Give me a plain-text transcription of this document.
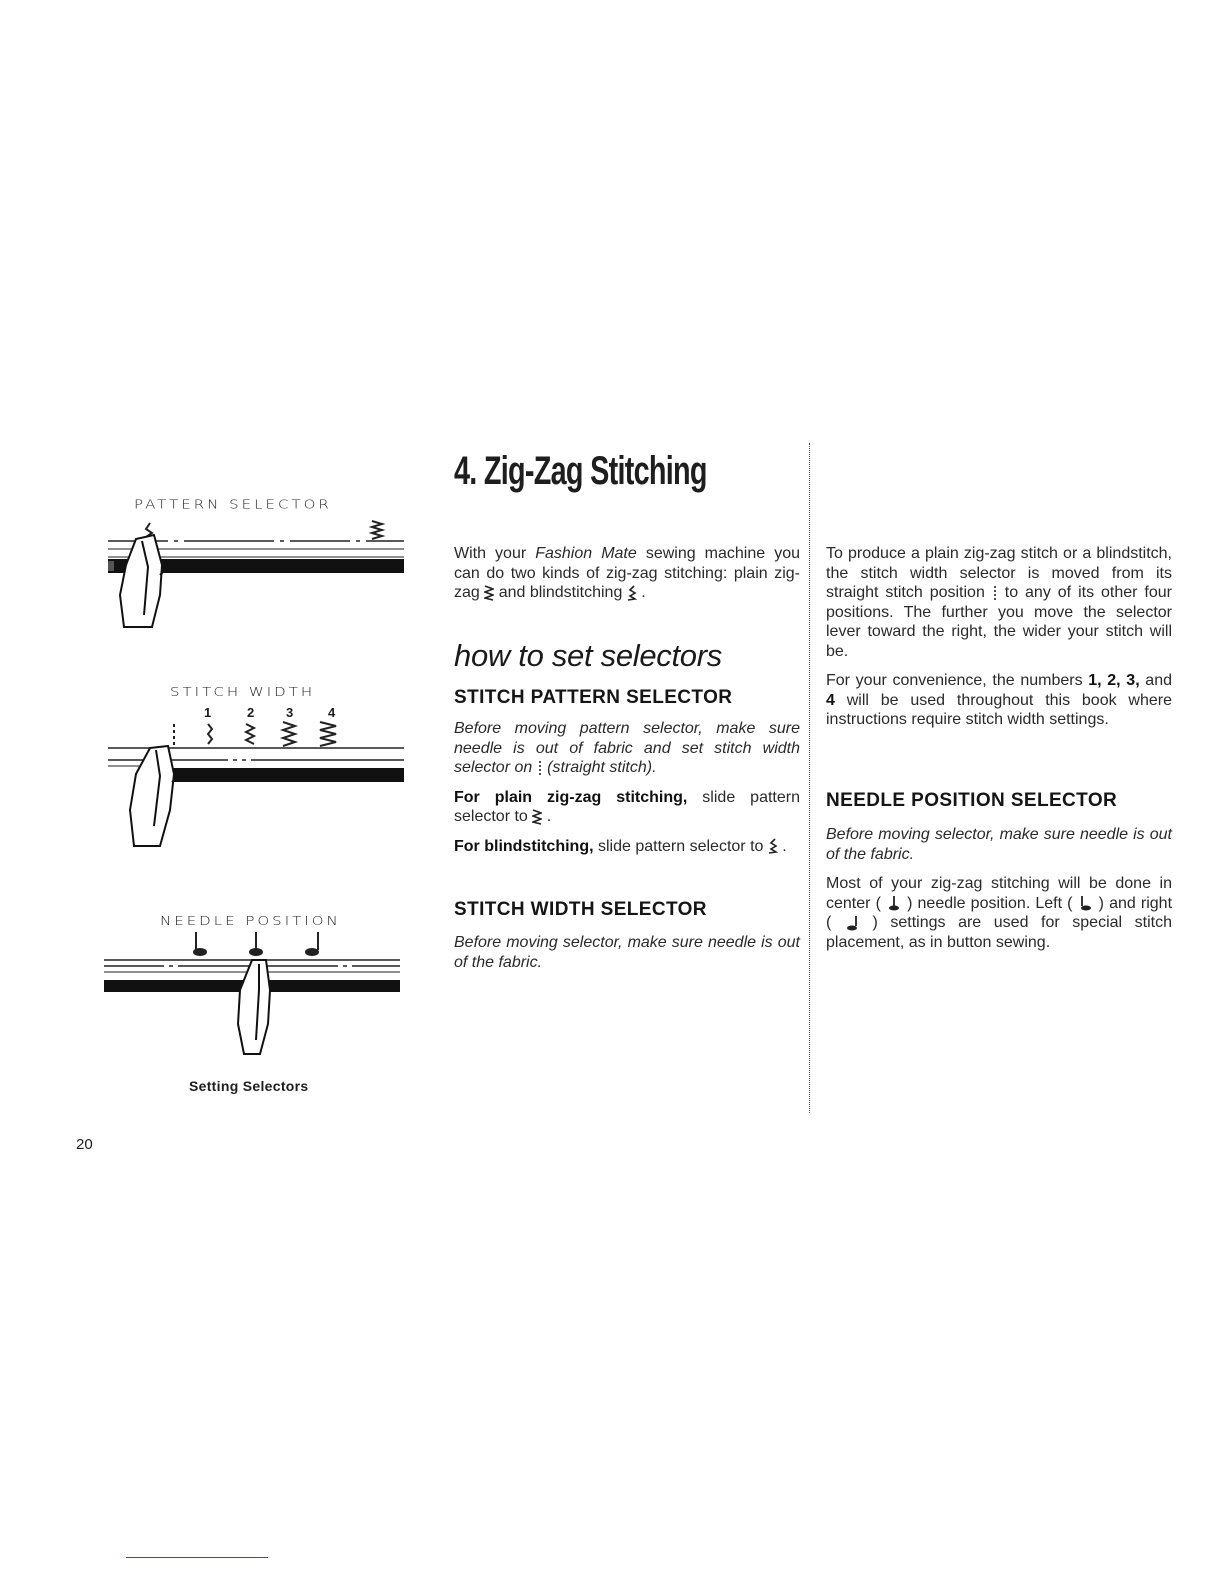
PATTERN SELECTOR
STITCH WIDTH
1	2 3	4
NEEDLE POSITION
Setting Selectors
20
4. Zig-Zag Stitching

With your Fashion Mate sewing machine you can do two kinds of zig-zag stitching: plain zig-zag  and blindstitching  .

how to set selectors
STITCH PATTERN SELECTOR

Before moving pattern selector, make sure needle is out of fabric and set stitch width selector on  (straight stitch).

For plain zig-zag stitching, slide pattern selector to  .

For blindstitching, slide pattern selector to  .

STITCH WIDTH SELECTOR

Before moving selector, make sure needle is out of the fabric.

To produce a plain zig-zag stitch or a blindstitch, the stitch width selector is moved from its straight stitch position  to any of its other four positions. The further you move the selector lever toward the right, the wider your stitch will be.

For your convenience, the numbers 1, 2, 3, and 4 will be used throughout this book where instructions require stitch width settings.

NEEDLE POSITION SELECTOR

Before moving selector, make sure needle is out of the fabric.

Most of your zig-zag stitching will be done in center (  ) needle position. Left (  ) and right (  ) settings are used for special stitch placement, as in button sewing.
